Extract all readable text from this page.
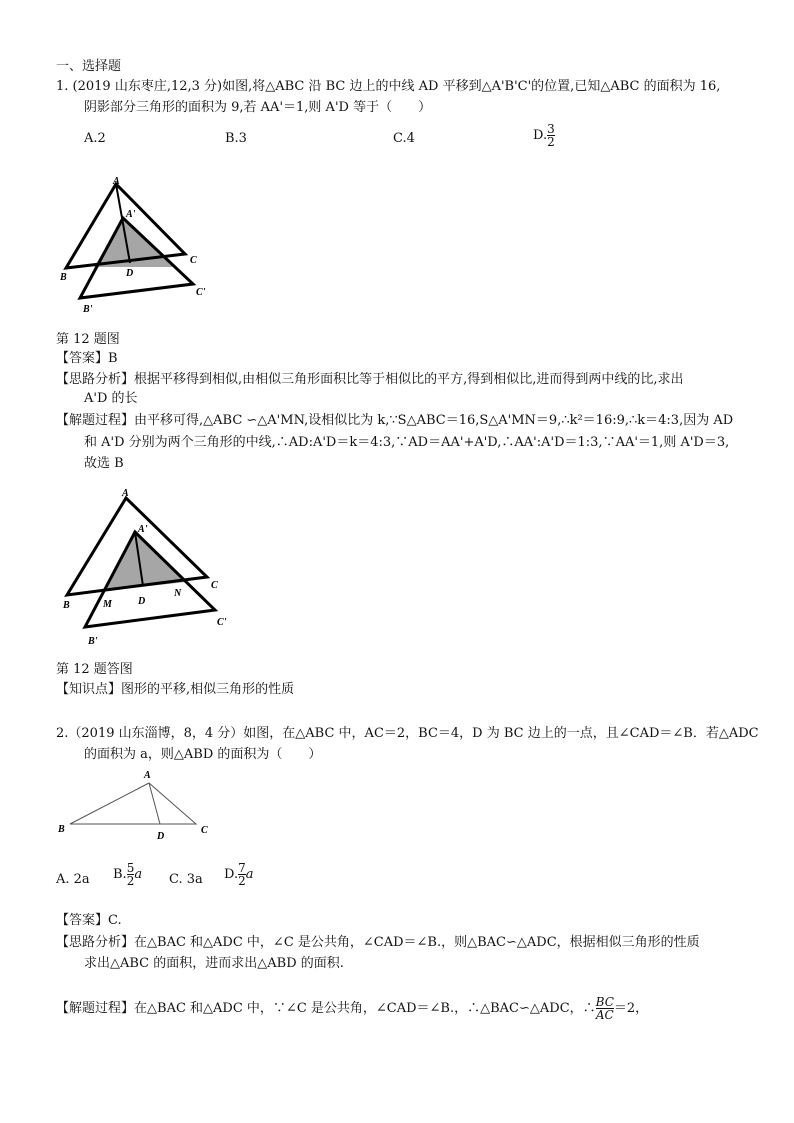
一、选择题
1. (2019 山东枣庄,12,3 分)如图,将△ABC 沿 BC 边上的中线 AD 平移到△A'B'C'的位置,已知△ABC 的面积为 16,
阴影部分三角形的面积为 9,若 AA'＝1,则 A'D 等于（　　）
A.2	B.3	C.4	D. $\frac{3}{2}$
A
A'
B
C
D
B'
C'
第 12 题图
【答案】B
【思路分析】根据平移得到相似,由相似三角形面积比等于相似比的平方,得到相似比,进而得到两中线的比,求出
A'D 的长
【解题过程】由平移可得,△ABC ∽△A'MN,设相似比为 k,∵S△ABC＝16,S△A'MN＝9,∴k²＝16:9,∴k＝4:3,因为 AD
和 A'D 分别为两个三角形的中线,∴AD:A'D＝k＝4:3,∵AD＝AA'+A'D,∴AA':A'D＝1:3,∵AA'＝1,则 A'D＝3,
故选 B
A
A'
B
C
M	D
N
B'
C'
第 12 题答图
【知识点】图形的平移,相似三角形的性质
2.（2019 山东淄博，8，4 分）如图，在△ABC 中，AC＝2，BC＝4，D 为 BC 边上的一点，且∠CAD＝∠B．若△ADC
的面积为 a，则△ABD 的面积为（　　）
A
B
D
C
A. 2a B. $\frac{5}{2}$ a C. 3a D. $\frac{7}{2}$ a
【答案】C.
【思路分析】在△BAC 和△ADC 中，∠C 是公共角，∠CAD＝∠B.，则△BAC∽△ADC，根据相似三角形的性质
求出△ABC 的面积，进而求出△ABD 的面积.
【解题过程】在△BAC 和△ADC 中，∵∠C 是公共角，∠CAD＝∠B.，∴△BAC∽△ADC，∴ $\frac{BC}{AC} =2$，
